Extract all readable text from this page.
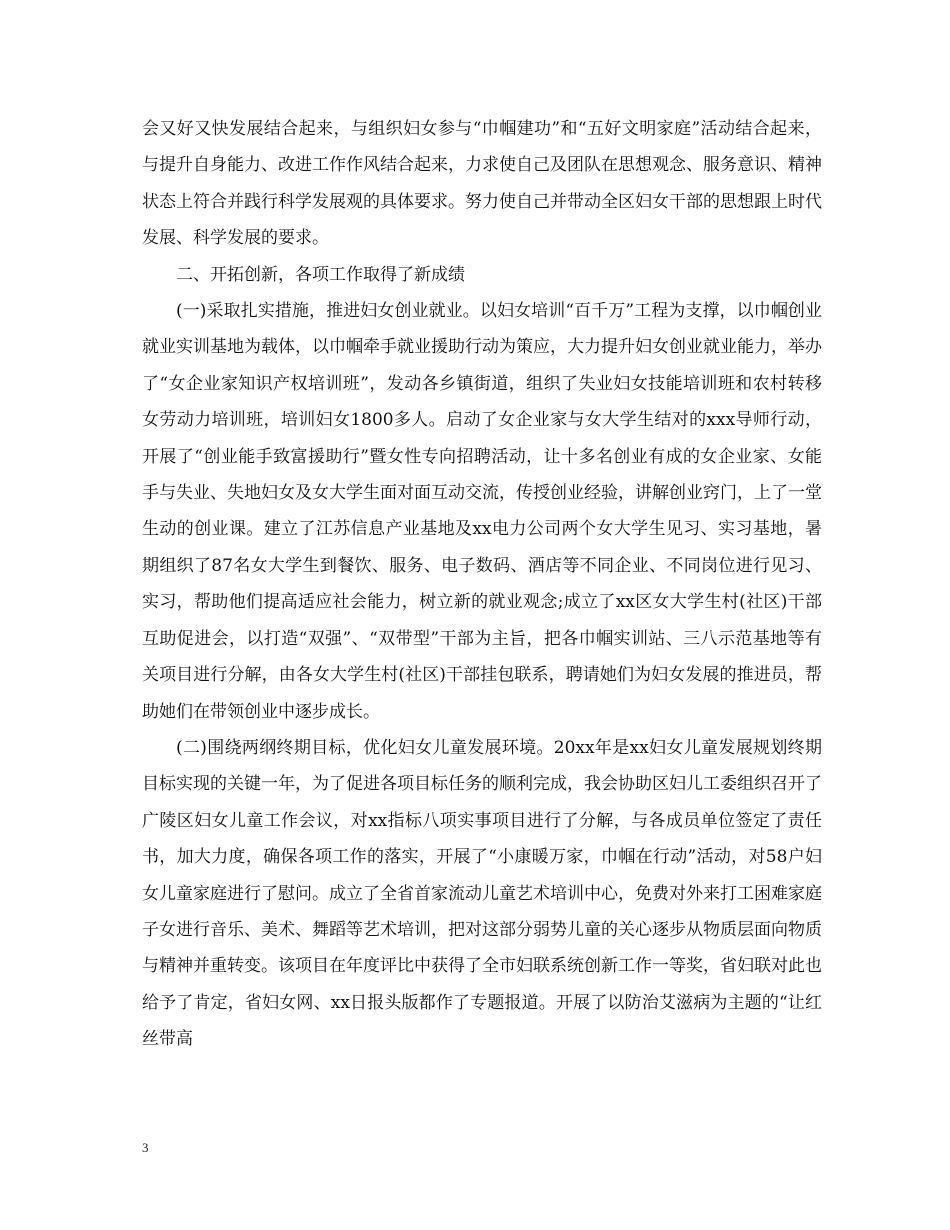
会又好又快发展结合起来，与组织妇女参与“巾帼建功”和“五好文明家庭”活动结合起来，与提升自身能力、改进工作作风结合起来，力求使自己及团队在思想观念、服务意识、精神状态上符合并践行科学发展观的具体要求。努力使自己并带动全区妇女干部的思想跟上时代发展、科学发展的要求。

二、开拓创新，各项工作取得了新成绩

(一)采取扎实措施，推进妇女创业就业。以妇女培训“百千万”工程为支撑，以巾帼创业就业实训基地为载体，以巾帼牵手就业援助行动为策应，大力提升妇女创业就业能力，举办了“女企业家知识产权培训班”，发动各乡镇街道，组织了失业妇女技能培训班和农村转移女劳动力培训班，培训妇女1800多人。启动了女企业家与女大学生结对的xxx导师行动，开展了“创业能手致富援助行”暨女性专向招聘活动，让十多名创业有成的女企业家、女能手与失业、失地妇女及女大学生面对面互动交流，传授创业经验，讲解创业窍门，上了一堂生动的创业课。建立了江苏信息产业基地及xx电力公司两个女大学生见习、实习基地，暑期组织了87名女大学生到餐饮、服务、电子数码、酒店等不同企业、不同岗位进行见习、实习，帮助他们提高适应社会能力，树立新的就业观念;成立了xx区女大学生村(社区)干部互助促进会，以打造“双强”、“双带型”干部为主旨，把各巾帼实训站、三八示范基地等有关项目进行分解，由各女大学生村(社区)干部挂包联系，聘请她们为妇女发展的推进员，帮助她们在带领创业中逐步成长。

(二)围绕两纲终期目标，优化妇女儿童发展环境。20xx年是xx妇女儿童发展规划终期目标实现的关键一年，为了促进各项目标任务的顺利完成，我会协助区妇儿工委组织召开了广陵区妇女儿童工作会议，对xx指标八项实事项目进行了分解，与各成员单位签定了责任书，加大力度，确保各项工作的落实，开展了“小康暖万家，巾帼在行动”活动，对58户妇女儿童家庭进行了慰问。成立了全省首家流动儿童艺术培训中心，免费对外来打工困难家庭子女进行音乐、美术、舞蹈等艺术培训，把对这部分弱势儿童的关心逐步从物质层面向物质与精神并重转变。该项目在年度评比中获得了全市妇联系统创新工作一等奖，省妇联对此也给予了肯定，省妇女网、xx日报头版都作了专题报道。开展了以防治艾滋病为主题的“让红丝带高

3
